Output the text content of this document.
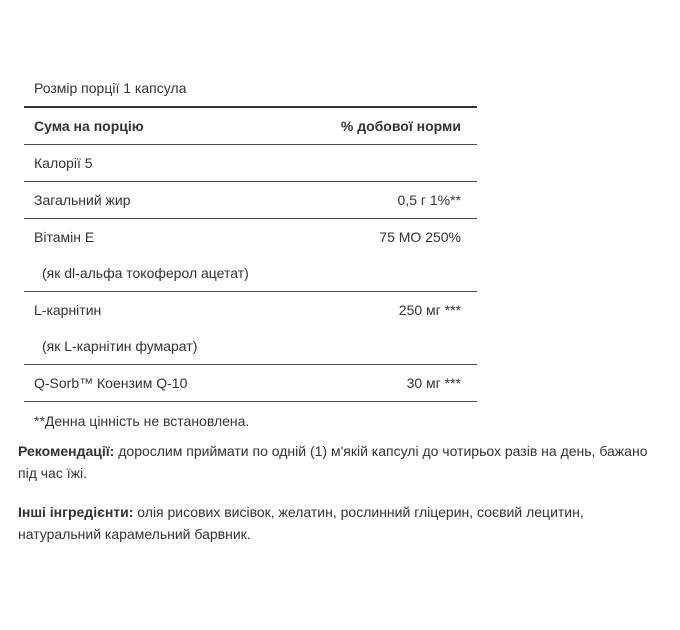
Розмір порції 1 капсула
Сума на порцію	% добової норми
Калорії 5
Загальний жир	0,5 г 1%**
Вітамін Е	75 МО 250%
(як dl-альфа токоферол ацетат)
L-карнітин	250 мг ***
(як L-карнітин фумарат)
Q-Sorb™ Коензим Q-10	30 мг ***
**Денна цінність не встановлена.

Рекомендації: дорослим приймати по одній (1) м'якій капсулі до чотирьох разів на день, бажано під час їжі.

Інші інгредієнти: олія рисових висівок, желатин, рослинний гліцерин, соєвий лецитин, натуральний карамельний барвник.
